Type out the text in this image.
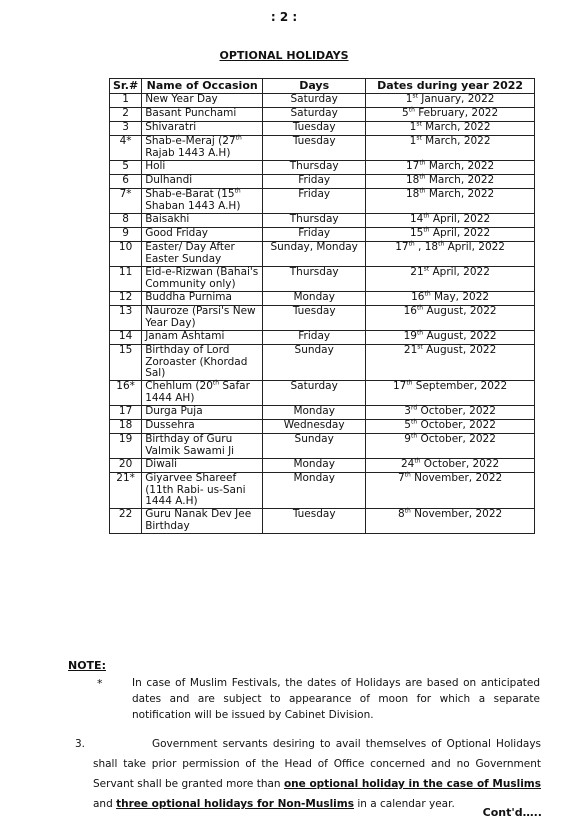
: 2 :
OPTIONAL HOLIDAYS
Sr.#	Name of Occasion	Days	Dates during year 2022
1	New Year Day	Saturday	1st January, 2022
2	Basant Punchami	Saturday	5th February, 2022
3	Shivaratri	Tuesday	1st March, 2022
4*	Shab-e-Meraj (27th
Rajab 1443 A.H)	Tuesday	1st March, 2022
5	Holi	Thursday	17th March, 2022
6	Dulhandi	Friday	18th March, 2022
7*	Shab-e-Barat (15th
Shaban 1443 A.H)	Friday	18th March, 2022
8	Baisakhi	Thursday	14th April, 2022
9	Good Friday	Friday	15th April, 2022
10	Easter/ Day After
Easter Sunday	Sunday, Monday	17th , 18th April, 2022
11	Eid-e-Rizwan (Bahai's
Community only)	Thursday	21st April, 2022
12	Buddha Purnima	Monday	16th May, 2022
13	Nauroze (Parsi's New
Year Day)	Tuesday	16th August, 2022
14	Janam Ashtami	Friday	19th August, 2022
15	Birthday of Lord
Zoroaster (Khordad
Sal)	Sunday	21st August, 2022
16*	Chehlum (20th Safar
1444 AH)	Saturday	17th September, 2022
17	Durga Puja	Monday	3rd October, 2022
18	Dussehra	Wednesday	5th October, 2022
19	Birthday of Guru
Valmik Sawami Ji	Sunday	9th October, 2022
20	Diwali	Monday	24th October, 2022
21*	Giyarvee Shareef
(11th Rabi- us-Sani
1444 A.H)	Monday	7th November, 2022
22	Guru Nanak Dev Jee
Birthday	Tuesday	8th November, 2022
NOTE:
*	In case of Muslim Festivals, the dates of Holidays are based on anticipated dates and are subject to appearance of moon for which a separate notification will be issued by Cabinet Division.
3.	Government servants desiring to avail themselves of Optional Holidays shall take prior permission of the Head of Office concerned and no Government Servant shall be granted more than one optional holiday in the case of Muslims and three optional holidays for Non-Muslims in a calendar year.
Cont'd…..
